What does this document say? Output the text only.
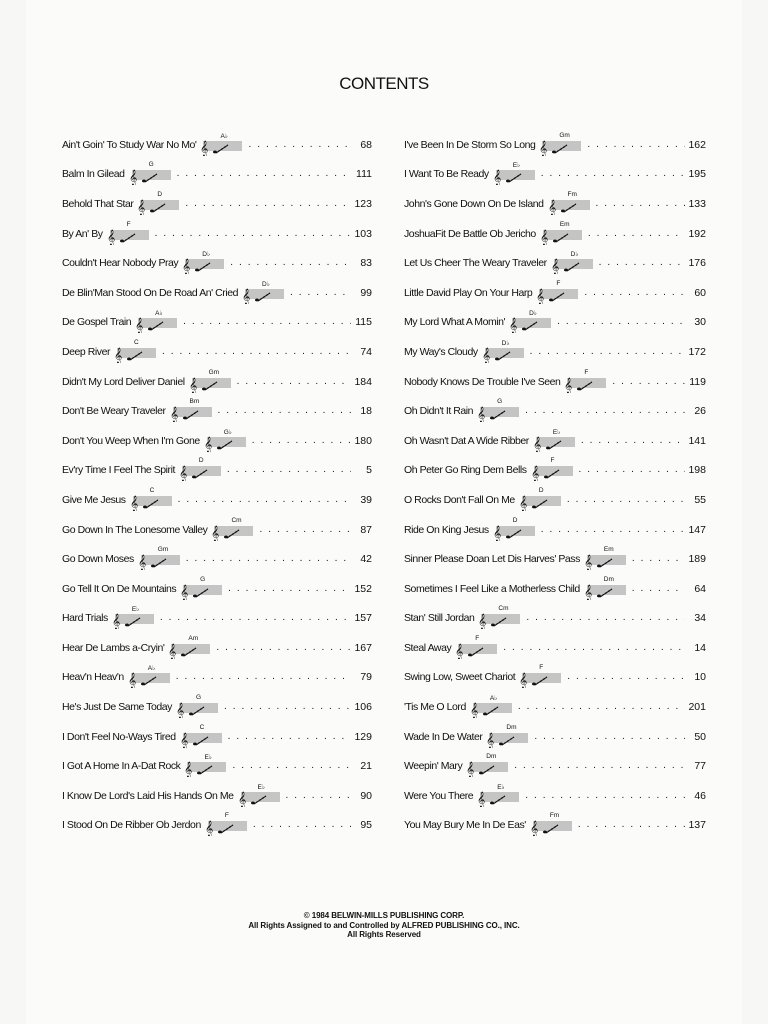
CONTENTS
Ain't Goin' To Study War No Mo' 𝄞
A♭
. . .
68
Balm In Gilead 𝄞
G
. . .
111
Behold That Star 𝄞
D
. . .
123
By An' By 𝄞
F
. . .
103
Couldn't Hear Nobody Pray 𝄞
D♭
. . .
83
De Blin'Man Stood On De Road An' Cried 𝄞
D♭
. . .
99
De Gospel Train 𝄞
A♭
. . .
115
Deep River 𝄞
C
. . .
74
Didn't My Lord Deliver Daniel 𝄞
Gm
. . .
184
Don't Be Weary Traveler 𝄞
Bm
. . .
18
Don't You Weep When I'm Gone 𝄞
G♭
. . .
180
Ev'ry Time I Feel The Spirit 𝄞
D
. . .
5
Give Me Jesus 𝄞
C
. . .
39
Go Down In The Lonesome Valley 𝄞
Cm
. . .
87
Go Down Moses 𝄞
Gm
. . .
42
Go Tell It On De Mountains 𝄞
G
. . .
152
Hard Trials 𝄞
E♭
. . .
157
Hear De Lambs a-Cryin' 𝄞
Am
. . .
167
Heav'n Heav'n 𝄞
A♭
. . .
79
He's Just De Same Today 𝄞
G
. . .
106
I Don't Feel No-Ways Tired 𝄞
C
. . .
129
I Got A Home In A-Dat Rock 𝄞
E♭
. . .
21
I Know De Lord's Laid His Hands On Me 𝄞
E♭
. . .
90
I Stood On De Ribber Ob Jerdon 𝄞
F
. . .
95
I've Been In De Storm So Long 𝄞
Gm
. . .
162
I Want To Be Ready 𝄞
E♭
. . .
195
John's Gone Down On De Island 𝄞
Fm
. . .
133
JoshuaFit De Battle Ob Jericho 𝄞
Em
. . .
192
Let Us Cheer The Weary Traveler 𝄞
D♭
. . .
176
Little David Play On Your Harp 𝄞
F
. . .
60
My Lord What A Momin' 𝄞
D♭
. . .
30
My Way's Cloudy 𝄞
D♭
. . .
172
Nobody Knows De Trouble I've Seen 𝄞
F
. . .
119
Oh Didn't It Rain 𝄞
G
. . .
26
Oh Wasn't Dat A Wide Ribber 𝄞
E♭
. . .
141
Oh Peter Go Ring Dem Bells 𝄞
F
. . .
198
O Rocks Don't Fall On Me 𝄞
D
. . .
55
Ride On King Jesus 𝄞
D
. . .
147
Sinner Please Doan Let Dis Harves' Pass 𝄞
Em
. . .
189
Sometimes I Feel Like a Motherless Child 𝄞
Dm
. . .
64
Stan' Still Jordan 𝄞
Cm
. . .
34
Steal Away 𝄞
F
. . .
14
Swing Low, Sweet Chariot 𝄞
F
. . .
10
'Tis Me O Lord 𝄞
A♭
. . .
201
Wade In De Water 𝄞
Dm
. . .
50
Weepin' Mary 𝄞
Dm
. . .
77
Were You There 𝄞
E♭
. . .
46
You May Bury Me In De Eas' 𝄞
Fm
. . .
137
© 1984 BELWIN-MILLS PUBLISHING CORP.
All Rights Assigned to and Controlled by ALFRED PUBLISHING CO., INC.
All Rights Reserved
